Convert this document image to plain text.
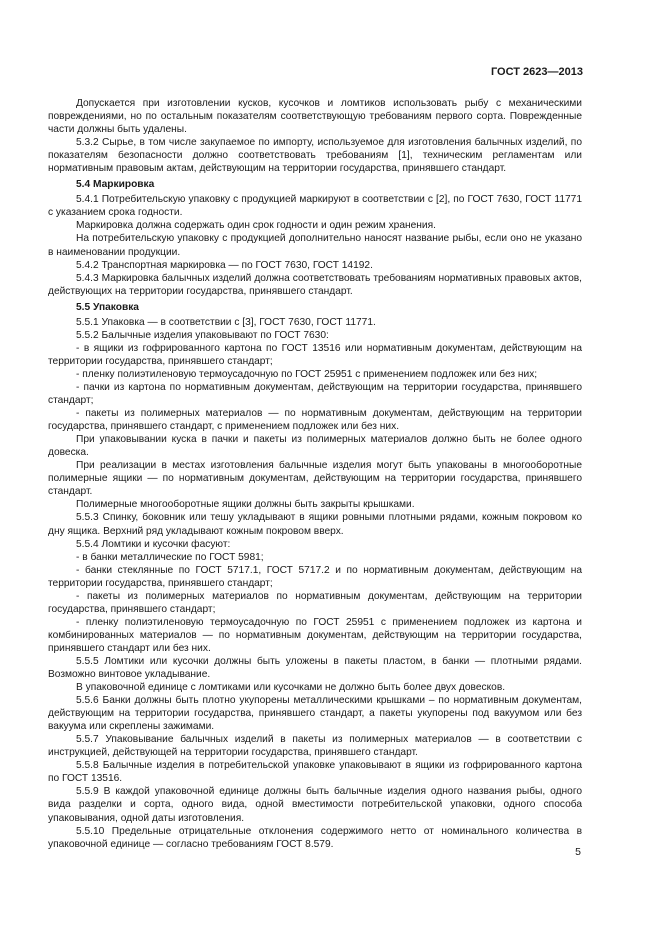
ГОСТ 2623—2013

Допускается при изготовлении кусков, кусочков и ломтиков использовать рыбу с механическими повреждениями, но по остальным показателям соответствующую требованиям первого сорта. Поврежденные части должны быть удалены.

5.3.2 Сырье, в том числе закупаемое по импорту, используемое для изготовления балычных изделий, по показателям безопасности должно соответствовать требованиям [1], техническим регламентам или нормативным правовым актам, действующим на территории государства, принявшего стандарт.

5.4 Маркировка

5.4.1 Потребительскую упаковку с продукцией маркируют в соответствии с [2], по ГОСТ 7630, ГОСТ 11771 с указанием срока годности.

Маркировка должна содержать один срок годности и один режим хранения.

На потребительскую упаковку с продукцией дополнительно наносят название рыбы, если оно не указано в наименовании продукции.

5.4.2 Транспортная маркировка — по ГОСТ 7630, ГОСТ 14192.

5.4.3 Маркировка балычных изделий должна соответствовать требованиям нормативных правовых актов, действующих на территории государства, принявшего стандарт.

5.5 Упаковка

5.5.1 Упаковка — в соответствии с [3], ГОСТ 7630, ГОСТ 11771.

5.5.2 Балычные изделия упаковывают по ГОСТ 7630:

- в ящики из гофрированного картона по ГОСТ 13516 или нормативным документам, действующим на территории государства, принявшего стандарт;

- пленку полиэтиленовую термоусадочную по ГОСТ 25951 с применением подложек или без них;

- пачки из картона по нормативным документам, действующим на территории государства, принявшего стандарт;

- пакеты из полимерных материалов — по нормативным документам, действующим на территории государства, принявшего стандарт, с применением подложек или без них.

При упаковывании куска в пачки и пакеты из полимерных материалов должно быть не более одного довеска.

При реализации в местах изготовления балычные изделия могут быть упакованы в многооборотные полимерные ящики — по нормативным документам, действующим на территории государства, принявшего стандарт.

Полимерные многооборотные ящики должны быть закрыты крышками.

5.5.3 Спинку, боковник или тешу укладывают в ящики ровными плотными рядами, кожным покровом ко дну ящика. Верхний ряд укладывают кожным покровом вверх.

5.5.4 Ломтики и кусочки фасуют:

- в банки металлические по ГОСТ 5981;

- банки стеклянные по ГОСТ 5717.1, ГОСТ 5717.2 и по нормативным документам, действующим на территории государства, принявшего стандарт;

- пакеты из полимерных материалов по нормативным документам, действующим на территории государства, принявшего стандарт;

- пленку полиэтиленовую термоусадочную по ГОСТ 25951 с применением подложек из картона и комбинированных материалов — по нормативным документам, действующим на территории государства, принявшего стандарт или без них.

5.5.5 Ломтики или кусочки должны быть уложены в пакеты пластом, в банки — плотными рядами. Возможно винтовое укладывание.

В упаковочной единице с ломтиками или кусочками не должно быть более двух довесков.

5.5.6 Банки должны быть плотно укупорены металлическими крышками – по нормативным документам, действующим на территории государства, принявшего стандарт, а пакеты укупорены под вакуумом или без вакуума или скреплены зажимами.

5.5.7 Упаковывание балычных изделий в пакеты из полимерных материалов — в соответствии с инструкцией, действующей на территории государства, принявшего стандарт.

5.5.8 Балычные изделия в потребительской упаковке упаковывают в ящики из гофрированного картона по ГОСТ 13516.

5.5.9 В каждой упаковочной единице должны быть балычные изделия одного названия рыбы, одного вида разделки и сорта, одного вида, одной вместимости потребительской упаковки, одного способа упаковывания, одной даты изготовления.

5.5.10 Предельные отрицательные отклонения содержимого нетто от номинального количества в упаковочной единице — согласно требованиям ГОСТ 8.579.

5
